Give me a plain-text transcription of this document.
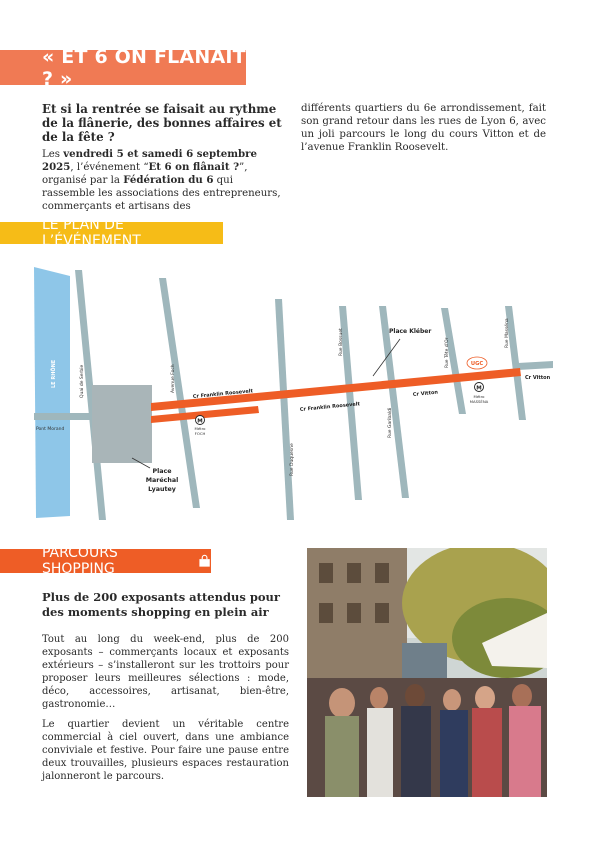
« ET 6 ON FLANAÎT ? »

Et si la rentrée se faisait au rythme de la flânerie, des bonnes affaires et de la fête ?
Les vendredi 5 et samedi 6 septembre 2025, l’événement “Et 6 on flânait ?”, organisé par la Fédération du 6 qui rassemble les associations des entrepreneurs, commerçants et artisans des

différents quartiers du 6e arrondissement, fait son grand retour dans les rues de Lyon 6, avec un joli parcours le long du cours Vitton et de l’avenue Franklin Roosevelt.

LE PLAN DE L’ÉVÉNEMENT
LE RHÔNE
Pont Morand
Quai de Serbie
Place
Maréchal
Lyautey
Avenue Foch
Rue Duquesne
Rue Bossuet
Rue Garibaldi
Rue Tête d’Or
Rue Masséna
Cr Franklin Roosevelt
Cr Franklin Roosevelt
Cr Vitton
Cr Vitton
Place Kléber
UGC
M
Métro
FOCH
M
Métro
MASSÉNA
PARCOURS SHOPPING

Plus de 200 exposants attendus pour des moments shopping en plein air

Tout au long du week-end, plus de 200 exposants – commerçants locaux et exposants extérieurs – s’installeront sur les trottoirs pour proposer leurs meilleures sélections : mode, déco, accessoires, artisanat, bien-être, gastronomie…

Le quartier devient un véritable centre commercial à ciel ouvert, dans une ambiance conviviale et festive. Pour faire une pause entre deux trouvailles, plusieurs espaces restauration jalonneront le parcours.
